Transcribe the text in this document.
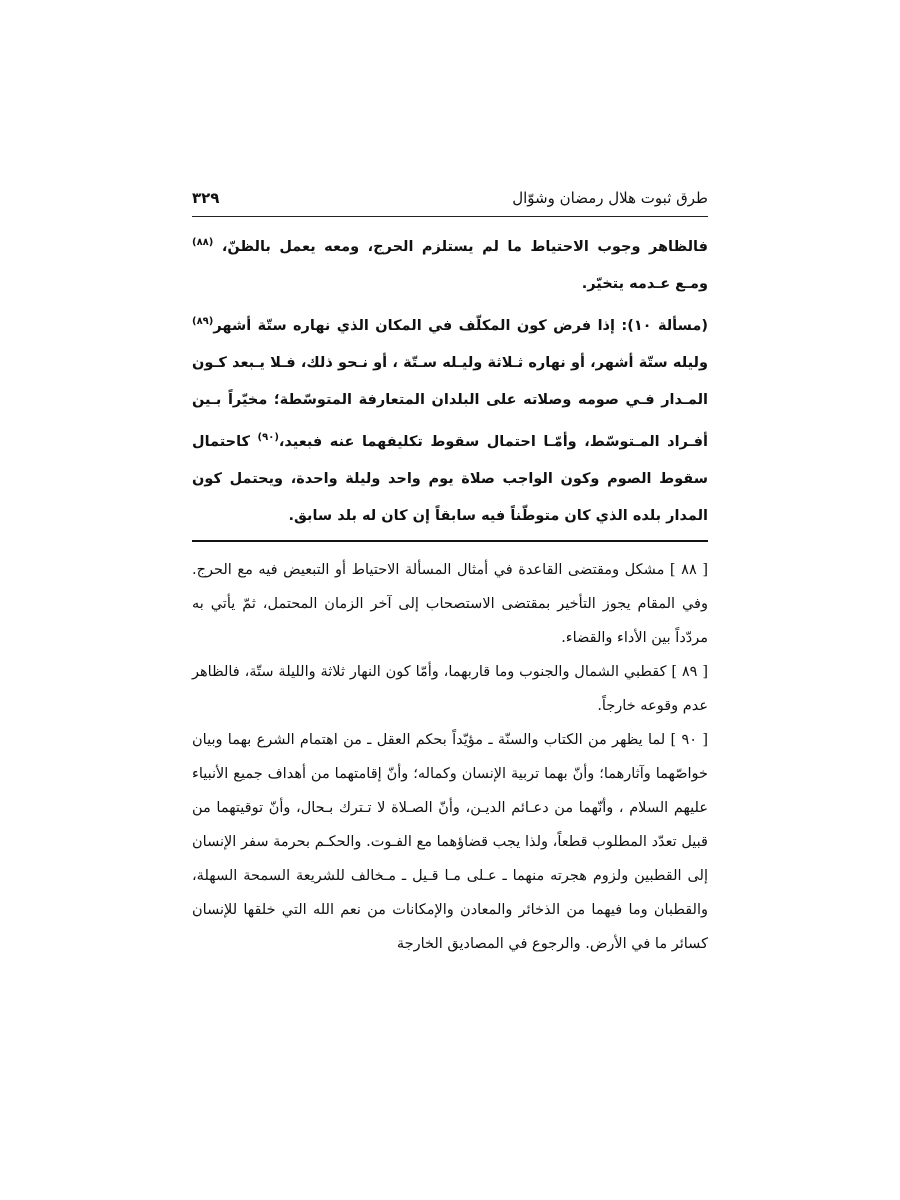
طرق ثبوت هلال رمضان وشوّال
٣٢٩

فالظاهر وجوب الاحتياط ما لم يستلزم الحرج، ومعه يعمل بالظنّ، $^{(٨٨)}$ ومـع عـدمه يتخيّر.

(مسألة ١٠): إذا فرض كون المكلّف في المكان الذي نهاره ستّة أشهر$^{(٨٩)}$ وليله ستّة أشهر، أو نهاره ثـلاثة وليـله سـتّة ، أو نـحو ذلك، فـلا يـبعد كـون المـدار فـي صومه وصلاته على البلدان المتعارفة المتوسّطة؛ مخيّراً بـين أفـراد المـتوسّط، وأمّـا احتمال سقوط تكليفهما عنه فبعيد،$^{(٩٠)}$ كاحتمال سقوط الصوم وكون الواجب صلاة يوم واحد وليلة واحدة، ويحتمل كون المدار بلده الذي كان متوطّناً فيه سابقاً إن كان له بلد سابق.

[ ٨٨ ] مشكل ومقتضى القاعدة في أمثال المسألة الاحتياط أو التبعيض فيه مع الحرج. وفي المقام يجوز التأخير بمقتضى الاستصحاب إلى آخر الزمان المحتمل، ثمّ يأتي به مردّداً بين الأداء والقضاء.

[ ٨٩ ] كقطبي الشمال والجنوب وما قاربهما، وأمّا كون النهار ثلاثة والليلة ستّة، فالظاهر عدم وقوعه خارجاً.

[ ٩٠ ] لما يظهر من الكتاب والسنّة ـ مؤيّداً بحكم العقل ـ من اهتمام الشرع بهما وبيان خواصّهما وآثارهما؛ وأنّ بهما تربية الإنسان وكماله؛ وأنّ إقامتهما من أهداف جميع الأنبياء عليهم السلام ، وأنّهما من دعـائم الديـن، وأنّ الصـلاة لا تـترك بـحال، وأنّ توقيتهما من قبيل تعدّد المطلوب قطعاً، ولذا يجب قضاؤهما مع الفـوت. والحكـم بحرمة سفر الإنسان إلى القطبين ولزوم هجرته منهما ـ عـلى مـا قـيل ـ مـخالف للشريعة السمحة السهلة، والقطبان وما فيهما من الذخائر والمعادن والإمكانات من نعم الله التي خلقها للإنسان كسائر ما في الأرض. والرجوع في المصاديق الخارجة
